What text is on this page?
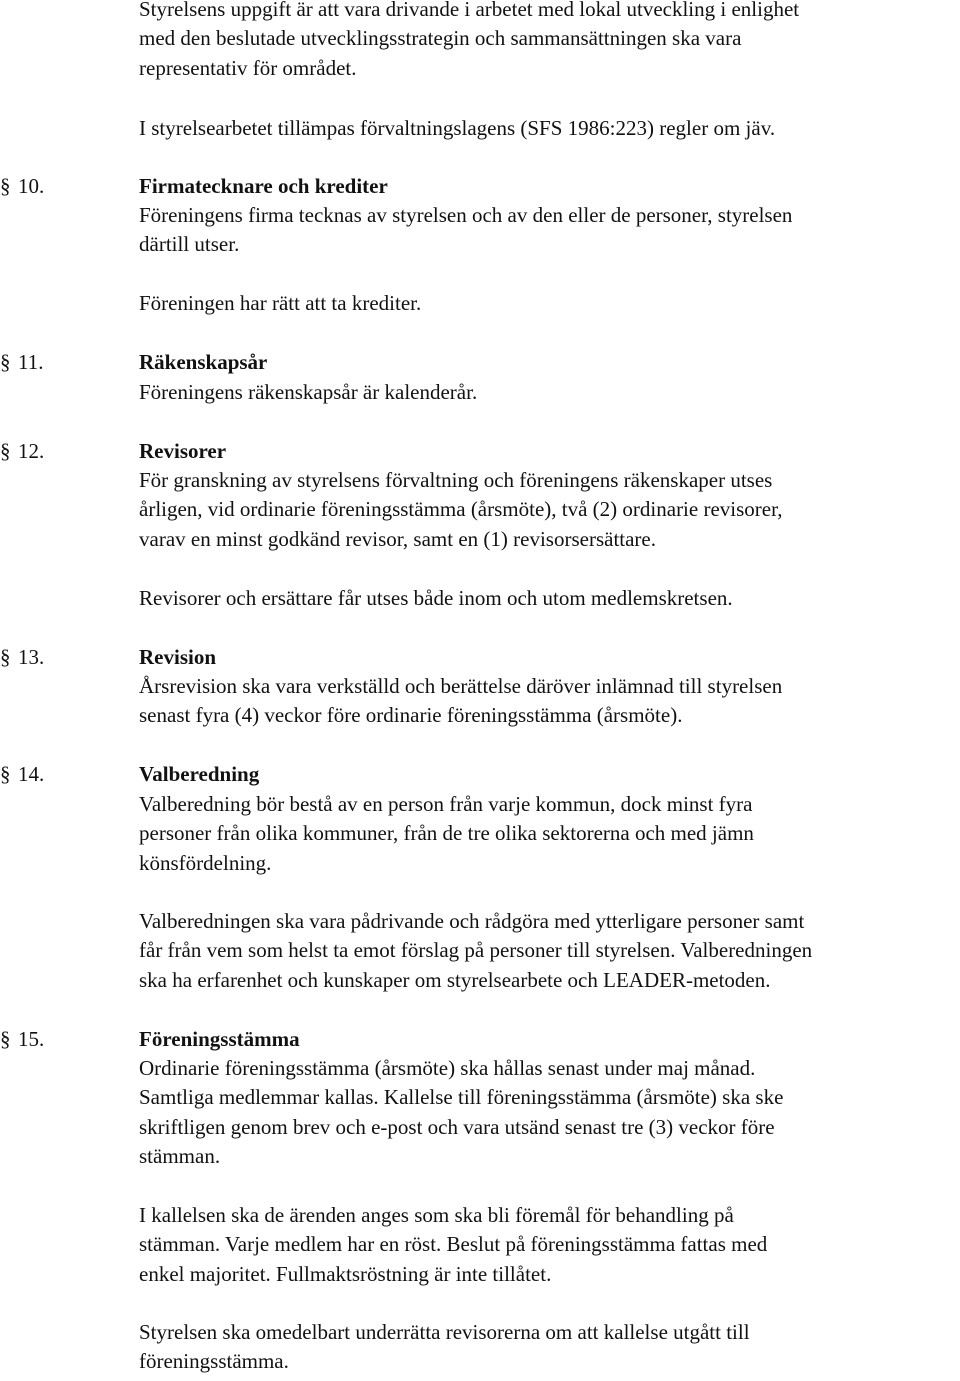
Styrelsens uppgift är att vara drivande i arbetet med lokal utveckling i enlighet
med den beslutade utvecklingsstrategin och sammansättningen ska vara
representativ för området.

I styrelsearbetet tillämpas förvaltningslagens (SFS 1986:223) regler om jäv.

§ 10.	Firmatecknare och krediter

Föreningens firma tecknas av styrelsen och av den eller de personer, styrelsen
därtill utser.

Föreningen har rätt att ta krediter.

§ 11.	Räkenskapsår

Föreningens räkenskapsår är kalenderår.

§ 12.	Revisorer

För granskning av styrelsens förvaltning och föreningens räkenskaper utses
årligen, vid ordinarie föreningsstämma (årsmöte), två (2) ordinarie revisorer,
varav en minst godkänd revisor, samt en (1) revisorsersättare.

Revisorer och ersättare får utses både inom och utom medlemskretsen.

§ 13.	Revision

Årsrevision ska vara verkställd och berättelse däröver inlämnad till styrelsen
senast fyra (4) veckor före ordinarie föreningsstämma (årsmöte).

§ 14.	Valberedning

Valberedning bör bestå av en person från varje kommun, dock minst fyra
personer från olika kommuner, från de tre olika sektorerna och med jämn
könsfördelning.

Valberedningen ska vara pådrivande och rådgöra med ytterligare personer samt
får från vem som helst ta emot förslag på personer till styrelsen. Valberedningen
ska ha erfarenhet och kunskaper om styrelsearbete och LEADER-metoden.

§ 15.	Föreningsstämma

Ordinarie föreningsstämma (årsmöte) ska hållas senast under maj månad.
Samtliga medlemmar kallas. Kallelse till föreningsstämma (årsmöte) ska ske
skriftligen genom brev och e-post och vara utsänd senast tre (3) veckor före
stämman.

I kallelsen ska de ärenden anges som ska bli föremål för behandling på
stämman. Varje medlem har en röst. Beslut på föreningsstämma fattas med
enkel majoritet. Fullmaktsröstning är inte tillåtet.

Styrelsen ska omedelbart underrätta revisorerna om att kallelse utgått till
föreningsstämma.
